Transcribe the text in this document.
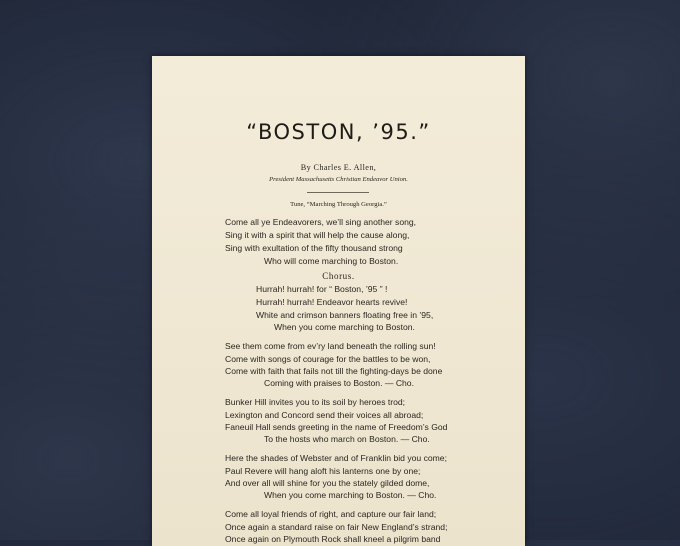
“BOSTON, ’95.”
By Charles E. Allen,
President Massachusetts Christian Endeavor Union.
Tune, “Marching Through Georgia.”
Come all ye Endeavorers, we’ll sing another song,
Sing it with a spirit that will help the cause along,
Sing with exultation of the fifty thousand strong
Who will come marching to Boston.
Chorus.
Hurrah! hurrah! for “ Boston, ’95 ” !
Hurrah! hurrah! Endeavor hearts revive!
White and crimson banners floating free in ’95,
When you come marching to Boston.
See them come from ev’ry land beneath the rolling sun!
Come with songs of courage for the battles to be won,
Come with faith that fails not till the fighting-days be done
Coming with praises to Boston. — Cho.
Bunker Hill invites you to its soil by heroes trod;
Lexington and Concord send their voices all abroad;
Faneuil Hall sends greeting in the name of Freedom’s God
To the hosts who march on Boston. — Cho.
Here the shades of Webster and of Franklin bid you come;
Paul Revere will hang aloft his lanterns one by one;
And over all will shine for you the stately gilded dome,
When you come marching to Boston. — Cho.
Come all loyal friends of right, and capture our fair land;
Once again a standard raise on fair New England’s strand;
Once again on Plymouth Rock shall kneel a pilgrim band
